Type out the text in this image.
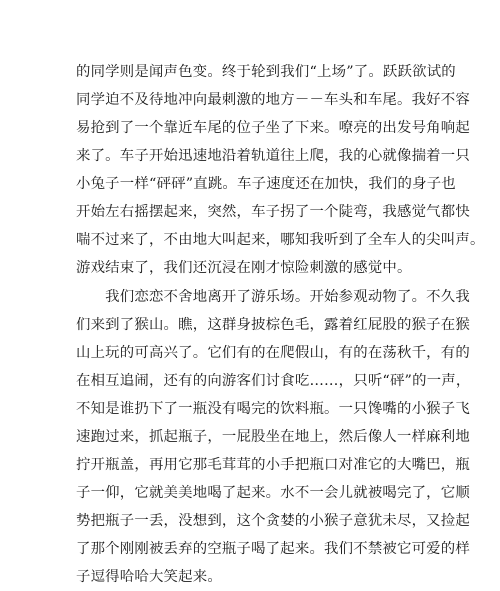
的同学则是闻声色变。终于轮到我们“上场”了。跃跃欲试的
同学迫不及待地冲向最刺激的地方－－车头和车尾。我好不容
易抢到了一个靠近车尾的位子坐了下来。嘹亮的出发号角响起
来了。车子开始迅速地沿着轨道往上爬，我的心就像揣着一只
小兔子一样“砰砰”直跳。车子速度还在加快，我们的身子也
开始左右摇摆起来，突然，车子拐了一个陡弯，我感觉气都快
喘不过来了，不由地大叫起来，哪知我听到了全车人的尖叫声。
游戏结束了，我们还沉浸在刚才惊险刺激的感觉中。
　　我们恋恋不舍地离开了游乐场。开始参观动物了。不久我
们来到了猴山。瞧，这群身披棕色毛，露着红屁股的猴子在猴
山上玩的可高兴了。它们有的在爬假山，有的在荡秋千，有的
在相互追闹，还有的向游客们讨食吃……，只听“砰”的一声，
不知是谁扔下了一瓶没有喝完的饮料瓶。一只馋嘴的小猴子飞
速跑过来，抓起瓶子，一屁股坐在地上，然后像人一样麻利地
拧开瓶盖，再用它那毛茸茸的小手把瓶口对准它的大嘴巴，瓶
子一仰，它就美美地喝了起来。水不一会儿就被喝完了，它顺
势把瓶子一丢，没想到，这个贪婪的小猴子意犹未尽，又捡起
了那个刚刚被丢弃的空瓶子喝了起来。我们不禁被它可爱的样
子逗得哈哈大笑起来。
